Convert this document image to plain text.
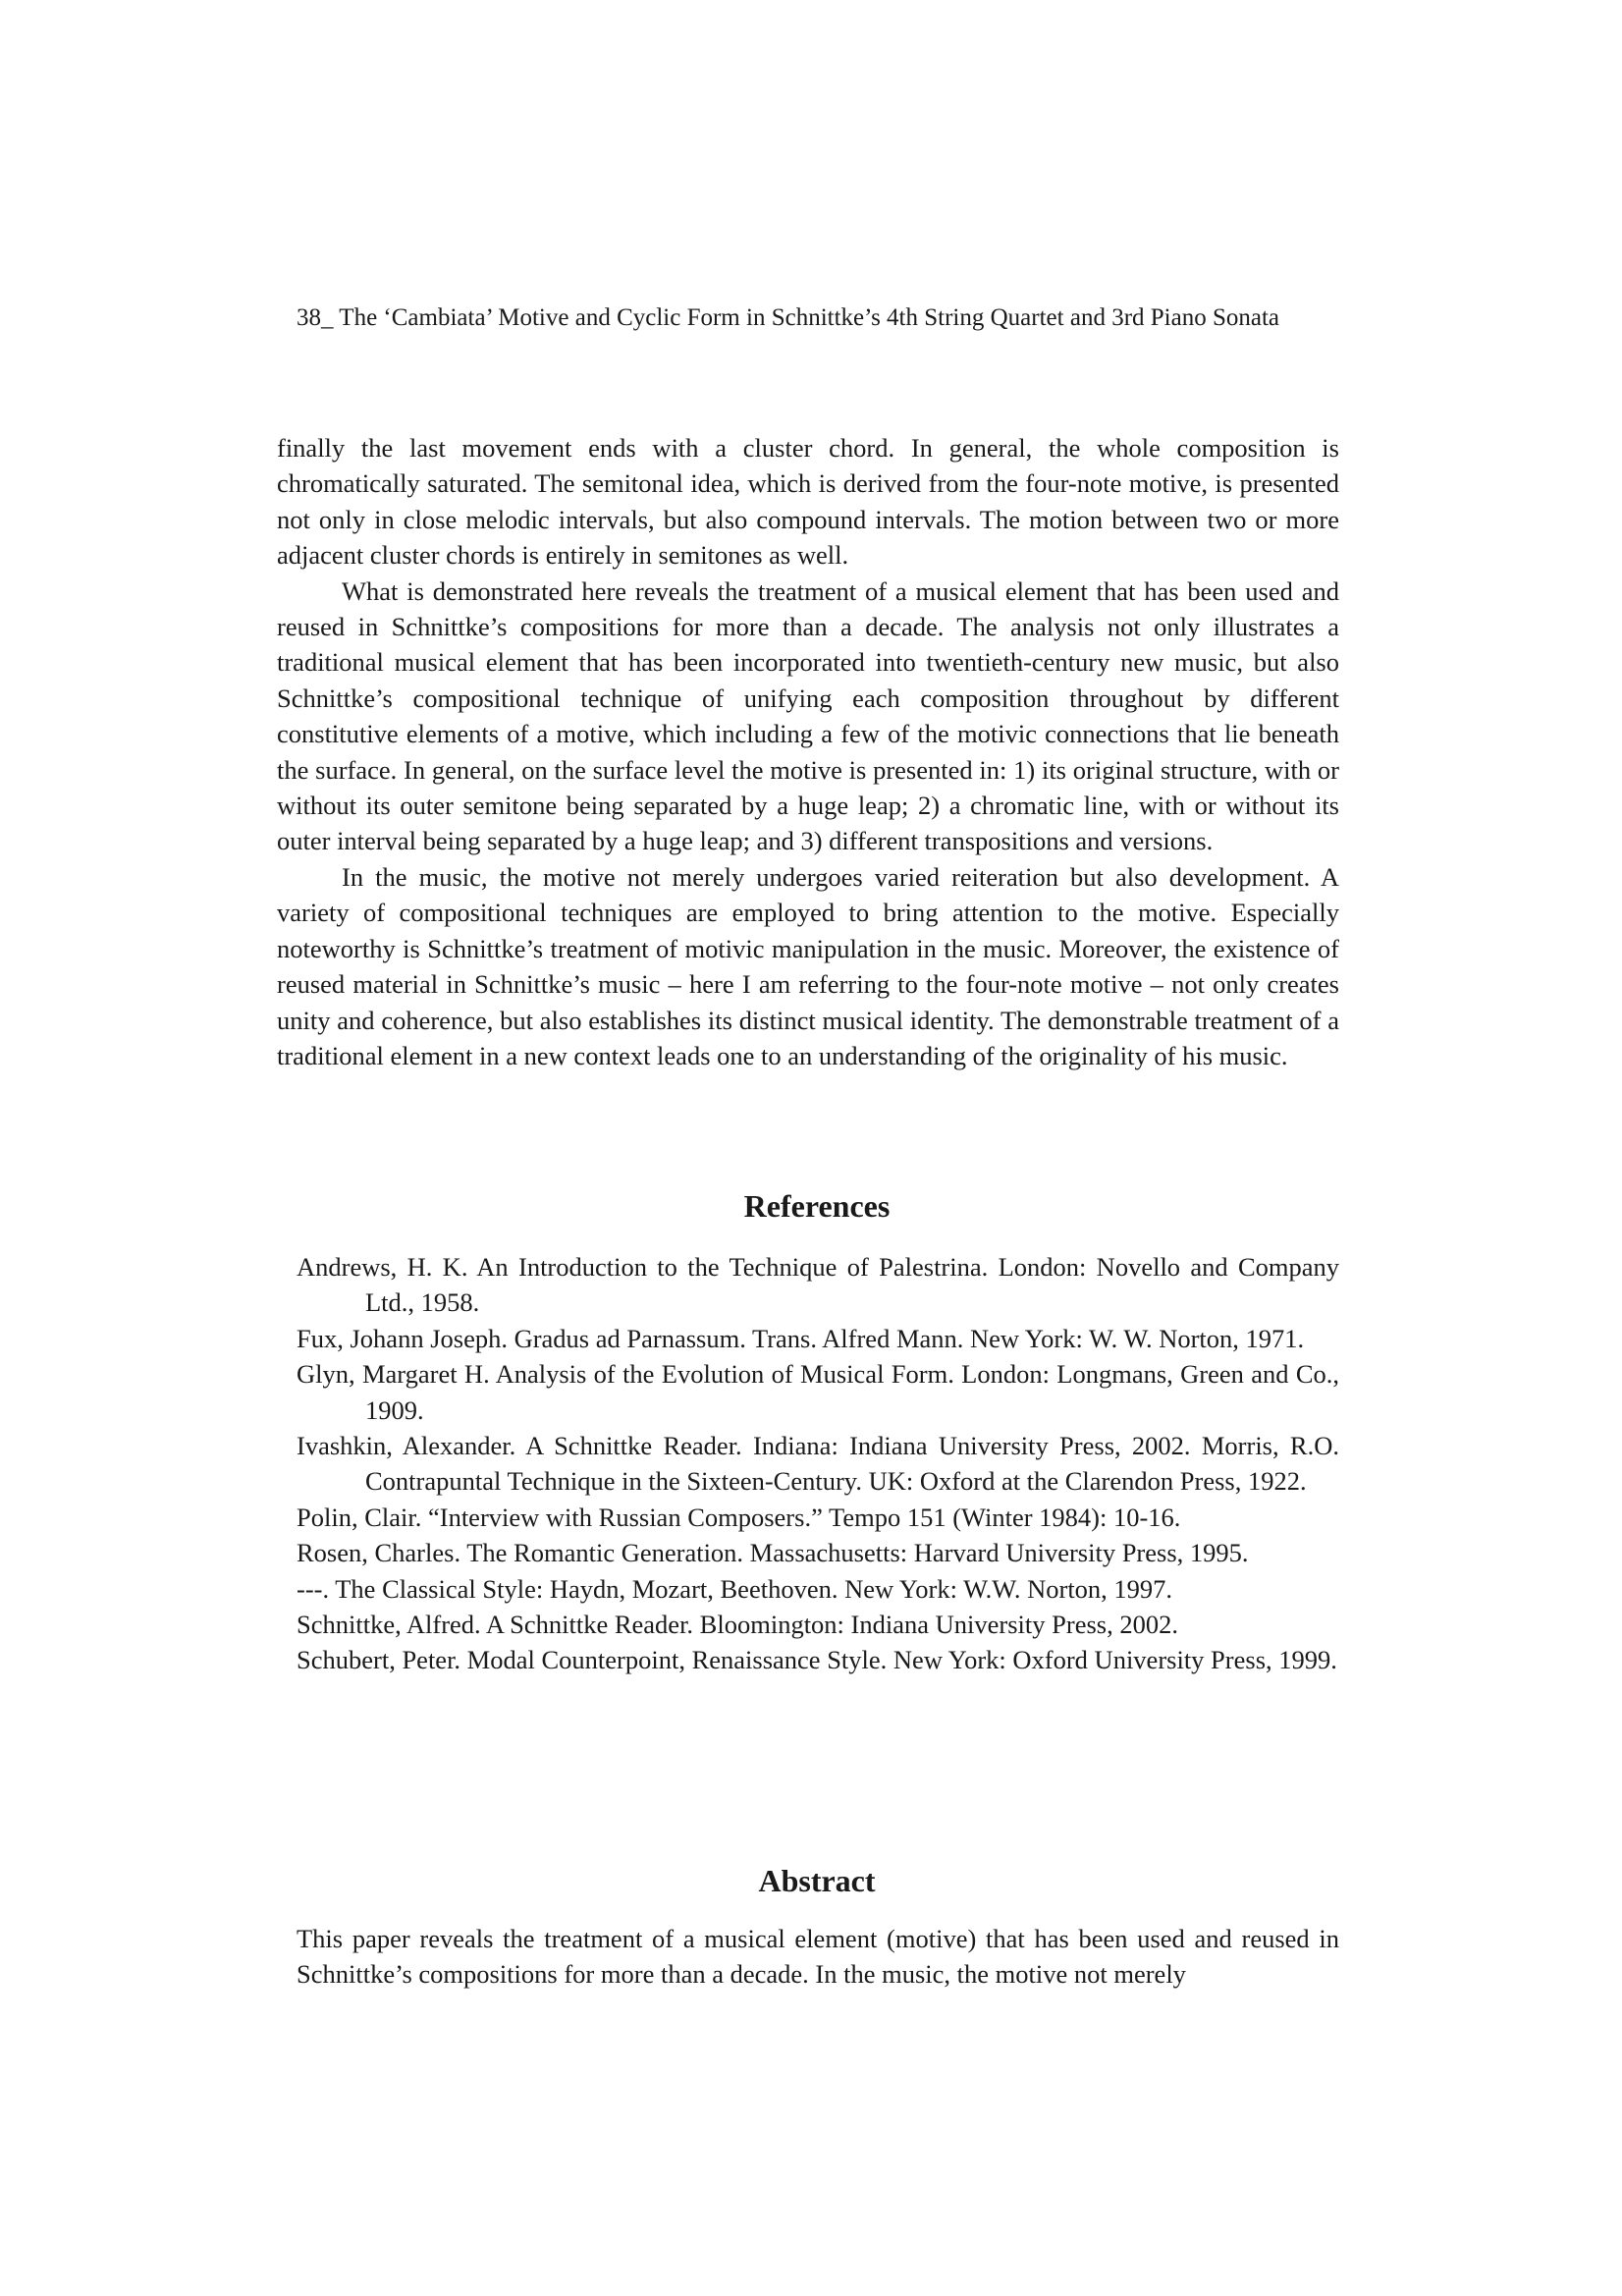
38_ The ‘Cambiata’ Motive and Cyclic Form in Schnittke’s 4th String Quartet and 3rd Piano Sonata

finally the last movement ends with a cluster chord. In general, the whole composition is chromatically saturated. The semitonal idea, which is derived from the four-note motive, is presented not only in close melodic intervals, but also compound intervals. The motion between two or more adjacent cluster chords is entirely in semitones as well.

What is demonstrated here reveals the treatment of a musical element that has been used and reused in Schnittke’s compositions for more than a decade. The analysis not only illustrates a traditional musical element that has been incorporated into twentieth-century new music, but also Schnittke’s compositional technique of unifying each composition throughout by different constitutive elements of a motive, which including a few of the motivic connections that lie beneath the surface. In general, on the surface level the motive is presented in: 1) its original structure, with or without its outer semitone being separated by a huge leap; 2) a chromatic line, with or without its outer interval being separated by a huge leap; and 3) different transpositions and versions.

In the music, the motive not merely undergoes varied reiteration but also development. A variety of compositional techniques are employed to bring attention to the motive. Especially noteworthy is Schnittke’s treatment of motivic manipulation in the music. Moreover, the existence of reused material in Schnittke’s music – here I am referring to the four-note motive – not only creates unity and coherence, but also establishes its distinct musical identity. The demonstrable treatment of a traditional element in a new context leads one to an understanding of the originality of his music.

References
Andrews, H. K. An Introduction to the Technique of Palestrina. London: Novello and Company Ltd., 1958.
Fux, Johann Joseph. Gradus ad Parnassum. Trans. Alfred Mann. New York: W. W. Norton, 1971.
Glyn, Margaret H. Analysis of the Evolution of Musical Form. London: Longmans, Green and Co., 1909.
Ivashkin, Alexander. A Schnittke Reader. Indiana: Indiana University Press, 2002. Morris, R.O. Contrapuntal Technique in the Sixteen-Century. UK: Oxford at the Clarendon Press, 1922.
Polin, Clair. “Interview with Russian Composers.” Tempo 151 (Winter 1984): 10-16.
Rosen, Charles. The Romantic Generation. Massachusetts: Harvard University Press, 1995.
---. The Classical Style: Haydn, Mozart, Beethoven. New York: W.W. Norton, 1997.
Schnittke, Alfred. A Schnittke Reader. Bloomington: Indiana University Press, 2002.
Schubert, Peter. Modal Counterpoint, Renaissance Style. New York: Oxford University Press, 1999.
Abstract

This paper reveals the treatment of a musical element (motive) that has been used and reused in Schnittke’s compositions for more than a decade. In the music, the motive not merely
